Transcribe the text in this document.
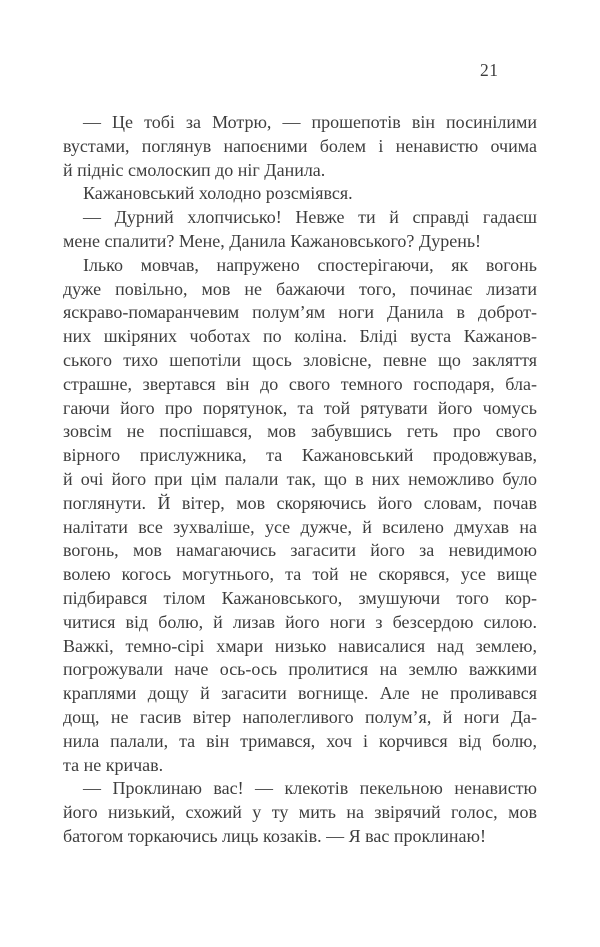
21
— Це тобі за Мотрю, — прошепотів він посинілими
вустами, поглянув напоєними болем і ненавистю очима
й підніс смолоскип до ніг Данила.
Кажановський холодно розсміявся.
— Дурний хлопчисько! Невже ти й справді гадаєш
мене спалити? Мене, Данила Кажановського? Дурень!
Ілько мовчав, напружено спостерігаючи, як вогонь
дуже повільно, мов не бажаючи того, починає лизати
яскраво-помаранчевим полум’ям ноги Данила в доброт-
них шкіряних чоботах по коліна. Бліді вуста Кажанов-
ського тихо шепотіли щось зловісне, певне що закляття
страшне, звертався він до свого темного господаря, бла-
гаючи його про порятунок, та той рятувати його чомусь
зовсім не поспішався, мов забувшись геть про свого
вірного прислужника, та Кажановський продовжував,
й очі його при цім палали так, що в них неможливо було
поглянути. Й вітер, мов скоряючись його словам, почав
налітати все зухваліше, усе дужче, й всилено дмухав на
вогонь, мов намагаючись загасити його за невидимою
волею когось могутнього, та той не скорявся, усе вище
підбирався тілом Кажановського, змушуючи того кор-
читися від болю, й лизав його ноги з безсердою силою.
Важкі, темно-сірі хмари низько нависалися над землею,
погрожували наче ось-ось пролитися на землю важкими
краплями дощу й загасити вогнище. Але не проливався
дощ, не гасив вітер наполегливого полум’я, й ноги Да-
нила палали, та він тримався, хоч і корчився від болю,
та не кричав.
— Проклинаю вас! — клекотів пекельною ненавистю
його низький, схожий у ту мить на звірячий голос, мов
батогом торкаючись лиць козаків. — Я вас проклинаю!
